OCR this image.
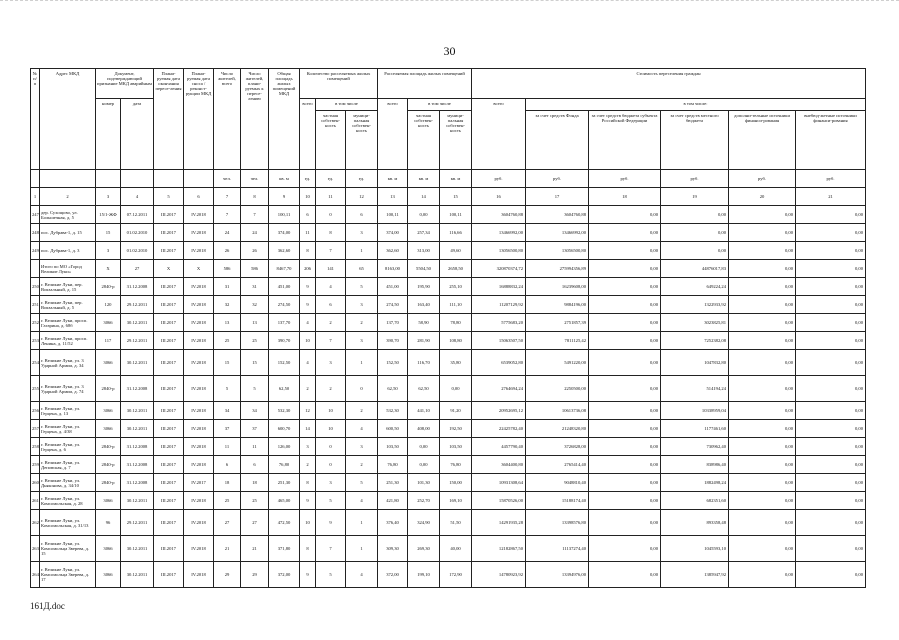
30
№ п/п	Адрес МКД	Документ, подтверждающий признание МКД аварийным		Плани-руемая дата окончания пересе-ления	Плани-руемая дата сноса / реконст-рукции МКД	Число жителей, всего	Число жителей, плани-руемых к пересе-лению	Общая площадь жилых помещений МКД	Количество расселяемых жилых помещений			Расселяемая площадь жилых помещений			Стоимость переселения граждан					
		номер	дата						всего	в том числе		всего	в том числе		всего	в том числе:				
										частная собствен-ность	муници-пальная собствен-ность		частная собствен-ность	муници-пальная собствен-ность		за счет средств Фонда	за счет средств бюджета субъекта Российской Федерации	за счет средств местного бюджета	дополни-тельные источники финанси-рования	внебюд-жетные источники финанси-рования
						чел.	чел.	кв. м	ед.	ед.	ед.	кв. м	кв. м	кв. м	руб.	руб.	руб.	руб.	руб.	руб.
1	2	3	4	5	6	7	8	9	10	11	12	13	14	15	16	17	18	19	20	21
247	дер. Сухощово, ул. Большечная, д. 5	15/1-ЖФ	07.12.2011	III.2017	IV.2018	7	7	100,11	6	0	6	100,11	0,00	100,11	3604760,88	3604760,88	0,00	0,00	0,00	0,00
248	пос. Дубрава-1, д. 15	15	01.02.2010	III.2017	IV.2018	24	24	374,00	11	8	3	374,00	257,34	116,66	13466992,00	13466992,00	0,00	0,00	0,00	0,00
249	пос. Дубрава-1, д. 3	3	01.02.2010	III.2017	IV.2018	26	26	362,60	8	7	1	362,60	313,00	49,60	13056500,80	13056500,80	0,00	0,00	0,00	0,00
	Итого по МО «Город Великие Луки»	X	27	X	X	586	586	8467,70	206	141	65	8163,00	5504,50	2658,50	320870374,72	275994356,89	0,00	44876017,83	0,00	0,00
250	г. Великие Луки, пер. Вокзальный, д. 15	2840-р	31.12.2008	III.2017	IV.2018	31	31	451,00	9	4	5	451,00	195,90	255,10	16888832,24	16239608,00	0,00	649224,24	0,00	0,00
251	г. Великие Луки, пер. Вокзальный, д. 5	120	29.12.2011	III.2017	IV.2018	32	32	274,50	9	6	3	274,50	163,40	111,10	11207129,92	9884196,00	0,00	1322933,92	0,00	0,00
252	г. Великие Луки, просп. Гагарина, д. 68б	3066	30.12.2011	III.2017	IV.2018	13	13	137,70	4	2	2	137,70	58,90	78,80	5775683,20	2751857,39	0,00	3023825,81	0,00	0,00
253	г. Великие Луки, просп. Ленина, д. 11/52	117	29.12.2011	III.2017	IV.2018	25	25	390,70	10	7	3	390,70	281,90	108,80	15063507,50	7811125,42	0,00	7252382,08	0,00	0,00
254	г. Великие Луки, ул. 3 Ударной Армии, д. 34	3066	30.12.2011	III.2017	IV.2018	15	15	152,50	4	3	1	152,50	116,70	35,80	6539052,80	5491220,00	0,00	1047832,80	0,00	0,00
255	г. Великие Луки, ул. 3 Ударной Армии, д. 74	2840-р	31.12.2008	III.2017	IV.2018	5	5	62,50	2	2	0	62,50	62,50	0,00	2764694,24	2250500,00	0,00	514194,24	0,00	0,00
256	г. Великие Луки, ул. Герцена, д. 13	3066	30.12.2011	III.2017	IV.2018	34	34	532,30	12	10	2	532,30	441,10	91,20	20952695,12	10613736,08	0,00	10338959,04	0,00	0,00
257	г. Великие Луки, ул. Герцена, д. 4/38	3066	30.12.2011	III.2017	IV.2018	37	37	600,70	14	10	4	600,50	408,00	192,50	22425782,40	21248320,80	0,00	1177461,60	0,00	0,00
258	г. Великие Луки, ул. Герцена, д. 6	2840-р	31.12.2008	III.2017	IV.2018	11	11	126,00	3	0	3	103,50	0,00	103,50	4457790,40	3726828,00	0,00	730962,40	0,00	0,00
259	г. Великие Луки, ул. Деповская, д. 7	2840-р	31.12.2008	III.2017	IV.2018	6	6	76,80	2	0	2	76,80	0,00	76,80	3604400,80	2765414,40	0,00	838986,40	0,00	0,00
260	г. Великие Луки, ул. Дьяконова, д. 34/10	2840-р	31.12.2008	III.2017	IV.2017	18	18	251,30	8	3	5	251,30	101,30	150,00	10931308,64	9048810,40	0,00	1882498,24	0,00	0,00
261	г. Великие Луки, ул. Комсомольская, д. 28	3066	30.12.2011	III.2017	IV.2018	25	25	465,00	9	5	4	421,80	252,70	169,10	15870526,00	15188174,40	0,00	682351,60	0,00	0,00
262	г. Великие Луки, ул. Комсомольская, д. 31/13	96	29.12.2011	III.2017	IV.2018	27	27	472,50	10	9	1	376,40	324,90	51,50	14291935,28	13398576,80	0,00	893358,48	0,00	0,00
263	г. Великие Луки, ул. Комсомольца Зверева, д. 15	3066	30.12.2011	III.2017	IV.2018	21	21	371,80	8	7	1	309,30	269,30	40,00	12182867,50	11137274,40	0,00	1045593,10	0,00	0,00
264	г. Великие Луки, ул. Комсомольца Зверева, д. 17	3066	30.12.2011	III.2017	IV.2018	29	29	372,00	9	5	4	372,00	199,10	172,90	14780923,92	13394976,00	0,00	1385947,92	0,00	0,00
161Д.doc
